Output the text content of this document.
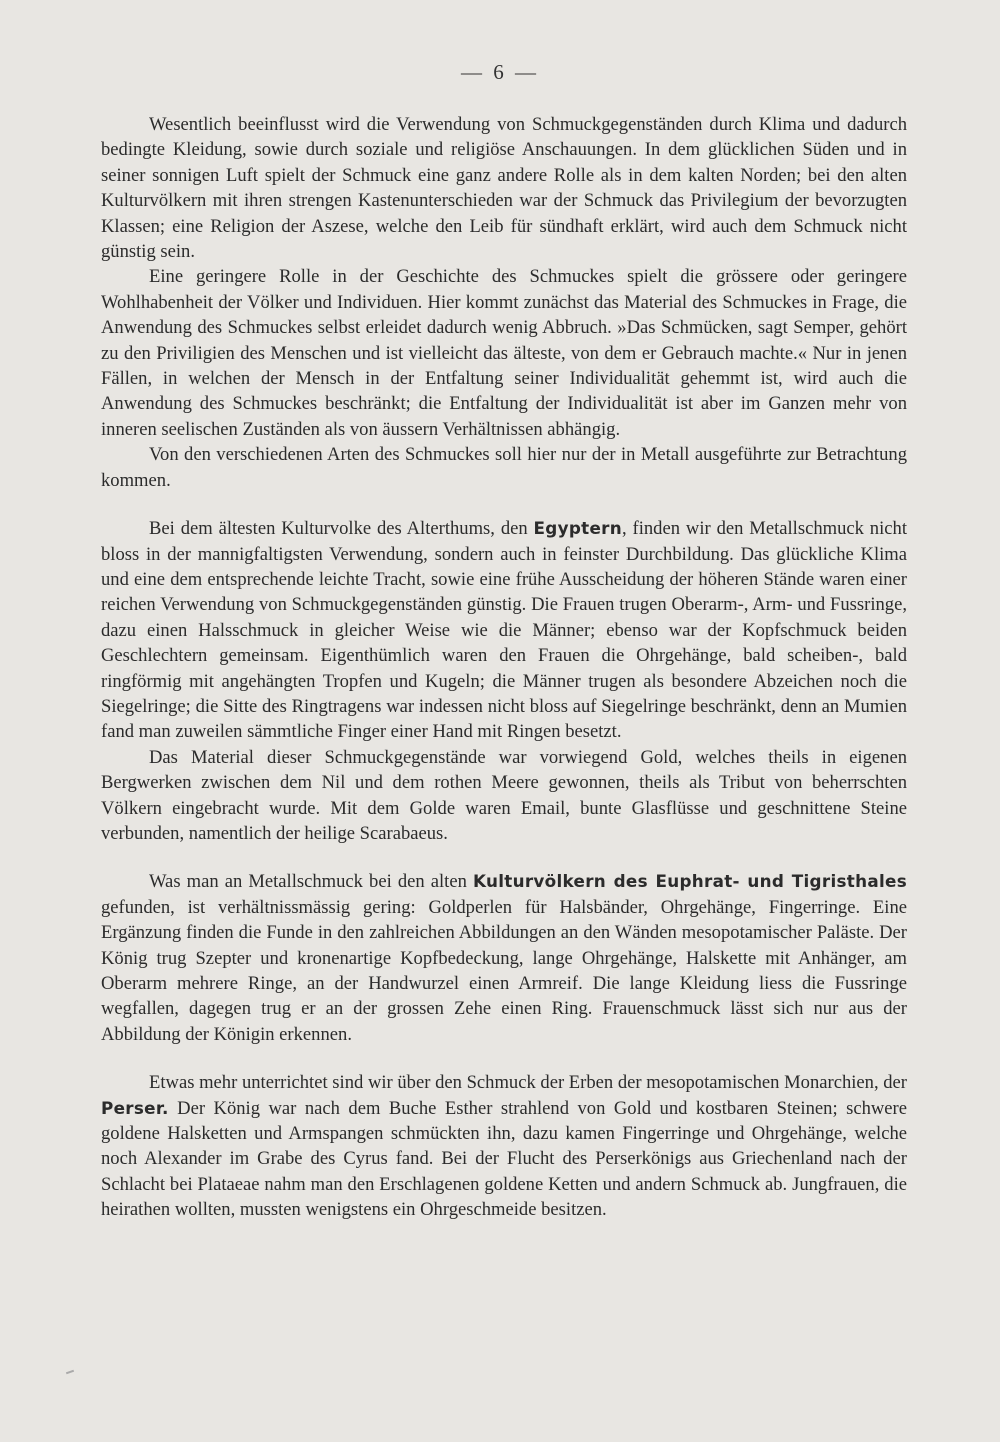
— 6 —

Wesentlich beeinflusst wird die Verwendung von Schmuckgegenständen durch Klima und dadurch bedingte Kleidung, sowie durch soziale und religiöse Anschauungen. In dem glücklichen Süden und in seiner sonnigen Luft spielt der Schmuck eine ganz andere Rolle als in dem kalten Norden; bei den alten Kulturvölkern mit ihren strengen Kastenunterschieden war der Schmuck das Privilegium der bevorzugten Klassen; eine Religion der Aszese, welche den Leib für sündhaft erklärt, wird auch dem Schmuck nicht günstig sein.

Eine geringere Rolle in der Geschichte des Schmuckes spielt die grössere oder geringere Wohlhabenheit der Völker und Individuen. Hier kommt zunächst das Material des Schmuckes in Frage, die Anwendung des Schmuckes selbst erleidet dadurch wenig Abbruch. »Das Schmücken, sagt Semper, gehört zu den Priviligien des Menschen und ist vielleicht das älteste, von dem er Gebrauch machte.« Nur in jenen Fällen, in welchen der Mensch in der Entfaltung seiner Individualität gehemmt ist, wird auch die Anwendung des Schmuckes beschränkt; die Entfaltung der Individualität ist aber im Ganzen mehr von inneren seelischen Zuständen als von äussern Verhältnissen abhängig.

Von den verschiedenen Arten des Schmuckes soll hier nur der in Metall ausgeführte zur Betrachtung kommen.

Bei dem ältesten Kulturvolke des Alterthums, den Egyptern, finden wir den Metallschmuck nicht bloss in der mannigfaltigsten Verwendung, sondern auch in feinster Durchbildung. Das glückliche Klima und eine dem entsprechende leichte Tracht, sowie eine frühe Ausscheidung der höheren Stände waren einer reichen Verwendung von Schmuckgegenständen günstig. Die Frauen trugen Oberarm-, Arm- und Fussringe, dazu einen Halsschmuck in gleicher Weise wie die Männer; ebenso war der Kopfschmuck beiden Geschlechtern gemeinsam. Eigenthümlich waren den Frauen die Ohrgehänge, bald scheiben-, bald ringförmig mit angehängten Tropfen und Kugeln; die Männer trugen als besondere Abzeichen noch die Siegelringe; die Sitte des Ringtragens war indessen nicht bloss auf Siegelringe beschränkt, denn an Mumien fand man zuweilen sämmtliche Finger einer Hand mit Ringen besetzt.

Das Material dieser Schmuckgegenstände war vorwiegend Gold, welches theils in eigenen Bergwerken zwischen dem Nil und dem rothen Meere gewonnen, theils als Tribut von beherrschten Völkern eingebracht wurde. Mit dem Golde waren Email, bunte Glasflüsse und geschnittene Steine verbunden, namentlich der heilige Scarabaeus.

Was man an Metallschmuck bei den alten Kulturvölkern des Euphrat- und Tigristhales gefunden, ist verhältnissmässig gering: Goldperlen für Halsbänder, Ohrgehänge, Fingerringe. Eine Ergänzung finden die Funde in den zahlreichen Abbildungen an den Wänden mesopotamischer Paläste. Der König trug Szepter und kronenartige Kopfbedeckung, lange Ohrgehänge, Halskette mit Anhänger, am Oberarm mehrere Ringe, an der Handwurzel einen Armreif. Die lange Kleidung liess die Fussringe wegfallen, dagegen trug er an der grossen Zehe einen Ring. Frauenschmuck lässt sich nur aus der Abbildung der Königin erkennen.

Etwas mehr unterrichtet sind wir über den Schmuck der Erben der mesopotamischen Monarchien, der Perser. Der König war nach dem Buche Esther strahlend von Gold und kostbaren Steinen; schwere goldene Halsketten und Armspangen schmückten ihn, dazu kamen Fingerringe und Ohrgehänge, welche noch Alexander im Grabe des Cyrus fand. Bei der Flucht des Perserkönigs aus Griechenland nach der Schlacht bei Plataeae nahm man den Erschlagenen goldene Ketten und andern Schmuck ab. Jungfrauen, die heirathen wollten, mussten wenigstens ein Ohrgeschmeide besitzen.
